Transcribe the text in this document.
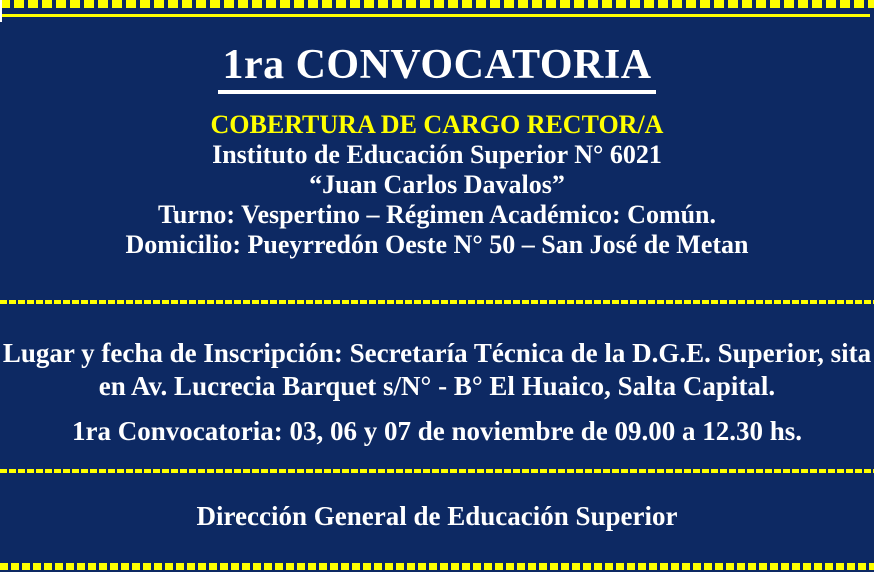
1ra CONVOCATORIA
COBERTURA DE CARGO RECTOR/A
Instituto de Educación Superior N° 6021
“Juan Carlos Davalos”
Turno: Vespertino – Régimen Académico: Común.
Domicilio: Pueyrredón Oeste N° 50 – San José de Metan
Lugar y fecha de Inscripción: Secretaría Técnica de la D.G.E. Superior, sita
en Av. Lucrecia Barquet s/N° - B° El Huaico, Salta Capital.
1ra Convocatoria: 03, 06 y 07 de noviembre de 09.00 a 12.30 hs.
Dirección General de Educación Superior
